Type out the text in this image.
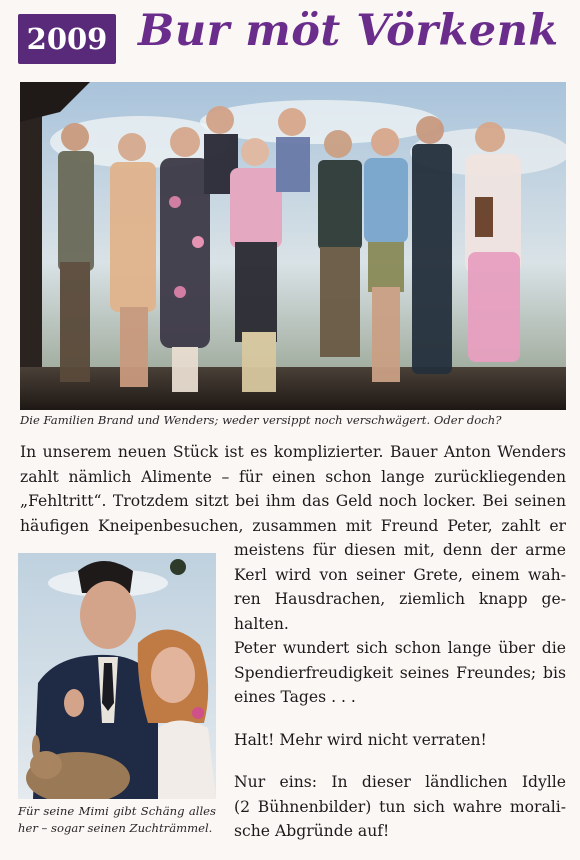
2009 Bur möt Vörkenk
Die Familien Brand und Wenders; weder versippt noch verschwägert. Oder doch?
In unserem neuen Stück ist es komplizierter. Bauer Anton Wenders
zahlt nämlich Alimente – für einen schon lange zurückliegenden
„Fehltritt“. Trotzdem sitzt bei ihm das Geld noch locker. Bei seinen
häufigen Kneipenbesuchen, zusammen mit Freund Peter, zahlt er
Für seine Mimi gibt Schäng alles her – sogar seinen Zuchträmmel.
meistens für diesen mit, denn der arme
Kerl wird von seiner Grete, einem wah-
ren Hausdrachen, ziemlich knapp ge-
halten.
Peter wundert sich schon lange über die
Spendierfreudigkeit seines Freundes; bis
eines Tages . . .
Halt! Mehr wird nicht verraten!
Nur eins: In dieser ländlichen Idylle
(2 Bühnenbilder) tun sich wahre morali-
sche Abgründe auf!
